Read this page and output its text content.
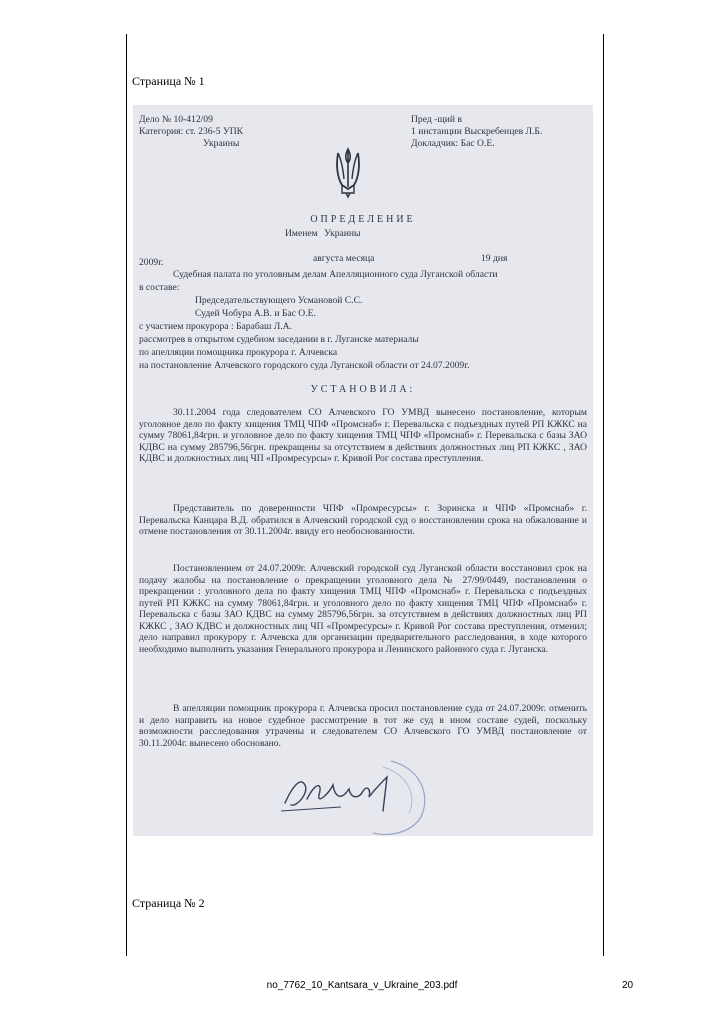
Страница № 1
Дело № 10-412/09
Категория: ст. 236-5 УПК
Украины
Пред -щий в
1 инстанции Выскребенцев Л.Б.
Докладчик: Бас О.Е.
ОПРЕДЕЛЕНИЕ
Именем Украины
2009г.	августа месяца	19 дня
Судебная палата по уголовным делам Апелляционного суда Луганской области
в составе:
Председательствующего Усмановой С.С.
Судей Чобура А.В. и Бас О.Е.
с участием прокурора : Барабаш Л.А.
рассмотрев в открытом судебном заседании в г. Луганске материалы
по апелляции помощника прокурора г. Алчевска
на постановление Алчевского городского суда Луганской области от 24.07.2009г.
УСТАНОВИЛА:

30.11.2004 года следователем СО Алчевского ГО УМВД вынесено постановление, которым уголовное дело по факту хищения ТМЦ ЧПФ «Промснаб» г. Перевальска с подъездных путей РП КЖКС на сумму 78061,84грн. и уголовное дело по факту хищения ТМЦ ЧПФ «Промснаб» г. Перевальска с базы ЗАО КДВС на сумму 285796,56грн. прекращены за отсутствием в действиях должностных лиц РП КЖКС , ЗАО КДВС и должностных лиц ЧП «Промресурсы» г. Кривой Рог состава преступления.

Представитель по доверенности ЧПФ «Промресурсы» г. Зоринска и ЧПФ «Промснаб» г. Перевальска Канцара В.Д. обратился в Алчевский городской суд о восстановлении срока на обжалование и отмене постановления от 30.11.2004г. ввиду его необоснованности.

Постановлением от 24.07.2009г. Алчевский городской суд Луганской области восстановил срок на подачу жалобы на постановление о прекращении уголовного дела № 27/99/0449, постановления о прекращении : уголовного дела по факту хищения ТМЦ ЧПФ «Промснаб» г. Перевальска с подъездных путей РП КЖКС на сумму 78061,84грн. и уголовного дело по факту хищения ТМЦ ЧПФ «Промснаб» г. Перевальска с базы ЗАО КДВС на сумму 285796,56грн. за отсутствием в действиях должностных лиц РП КЖКС , ЗАО КДВС и должностных лиц ЧП «Промресурсы» г. Кривой Рог состава преступления, отменил; дело направил прокурору г. Алчевска для организации предварительного расследования, в ходе которого необходимо выполнить указания Генерального прокурора и Ленинского районного суда г. Луганска.

В апелляции помощник прокурора г. Алчевска просил постановление суда от 24.07.2009г. отменить и дело направить на новое судебное рассмотрение в тот же суд в ином составе судей, поскольку возможности расследования утрачены и следователем СО Алчевского ГО УМВД постановление от 30.11.2004г. вынесено обосновано.

Страница № 2
no_7762_10_Kantsara_v_Ukraine_203.pdf	20
